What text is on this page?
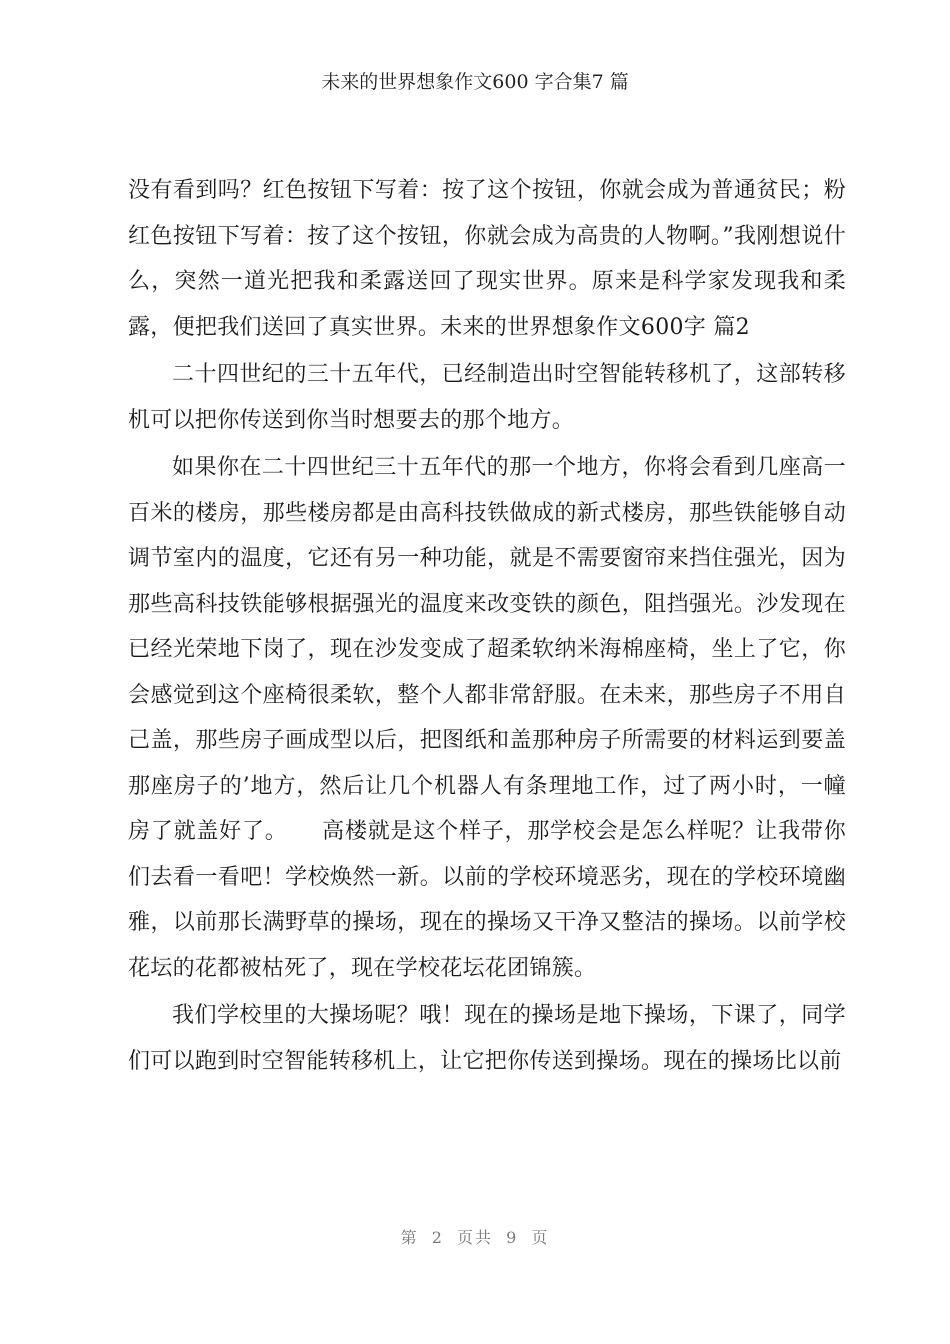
未来的世界想象作文600 字合集7 篇

没有看到吗？红色按钮下写着：按了这个按钮，你就会成为普通贫民；粉红色按钮下写着：按了这个按钮，你就会成为高贵的人物啊。”我刚想说什么，突然一道光把我和柔露送回了现实世界。原来是科学家发现我和柔露，便把我们送回了真实世界。未来的世界想象作文600字 篇2

二十四世纪的三十五年代，已经制造出时空智能转移机了，这部转移机可以把你传送到你当时想要去的那个地方。

如果你在二十四世纪三十五年代的那一个地方，你将会看到几座高一百米的楼房，那些楼房都是由高科技铁做成的新式楼房，那些铁能够自动调节室内的温度，它还有另一种功能，就是不需要窗帘来挡住强光，因为那些高科技铁能够根据强光的温度来改变铁的颜色，阻挡强光。沙发现在已经光荣地下岗了，现在沙发变成了超柔软纳米海棉座椅，坐上了它，你会感觉到这个座椅很柔软，整个人都非常舒服。在未来，那些房子不用自己盖，那些房子画成型以后，把图纸和盖那种房子所需要的材料运到要盖那座房子的’地方，然后让几个机器人有条理地工作，过了两小时，一幢房了就盖好了。　　高楼就是这个样子，那学校会是怎么样呢？让我带你们去看一看吧！学校焕然一新。以前的学校环境恶劣，现在的学校环境幽雅，以前那长满野草的操场，现在的操场又干净又整洁的操场。以前学校花坛的花都被枯死了，现在学校花坛花团锦簇。

我们学校里的大操场呢？哦！现在的操场是地下操场，下课了，同学们可以跑到时空智能转移机上，让它把你传送到操场。现在的操场比以前

第 2 页共 9 页
